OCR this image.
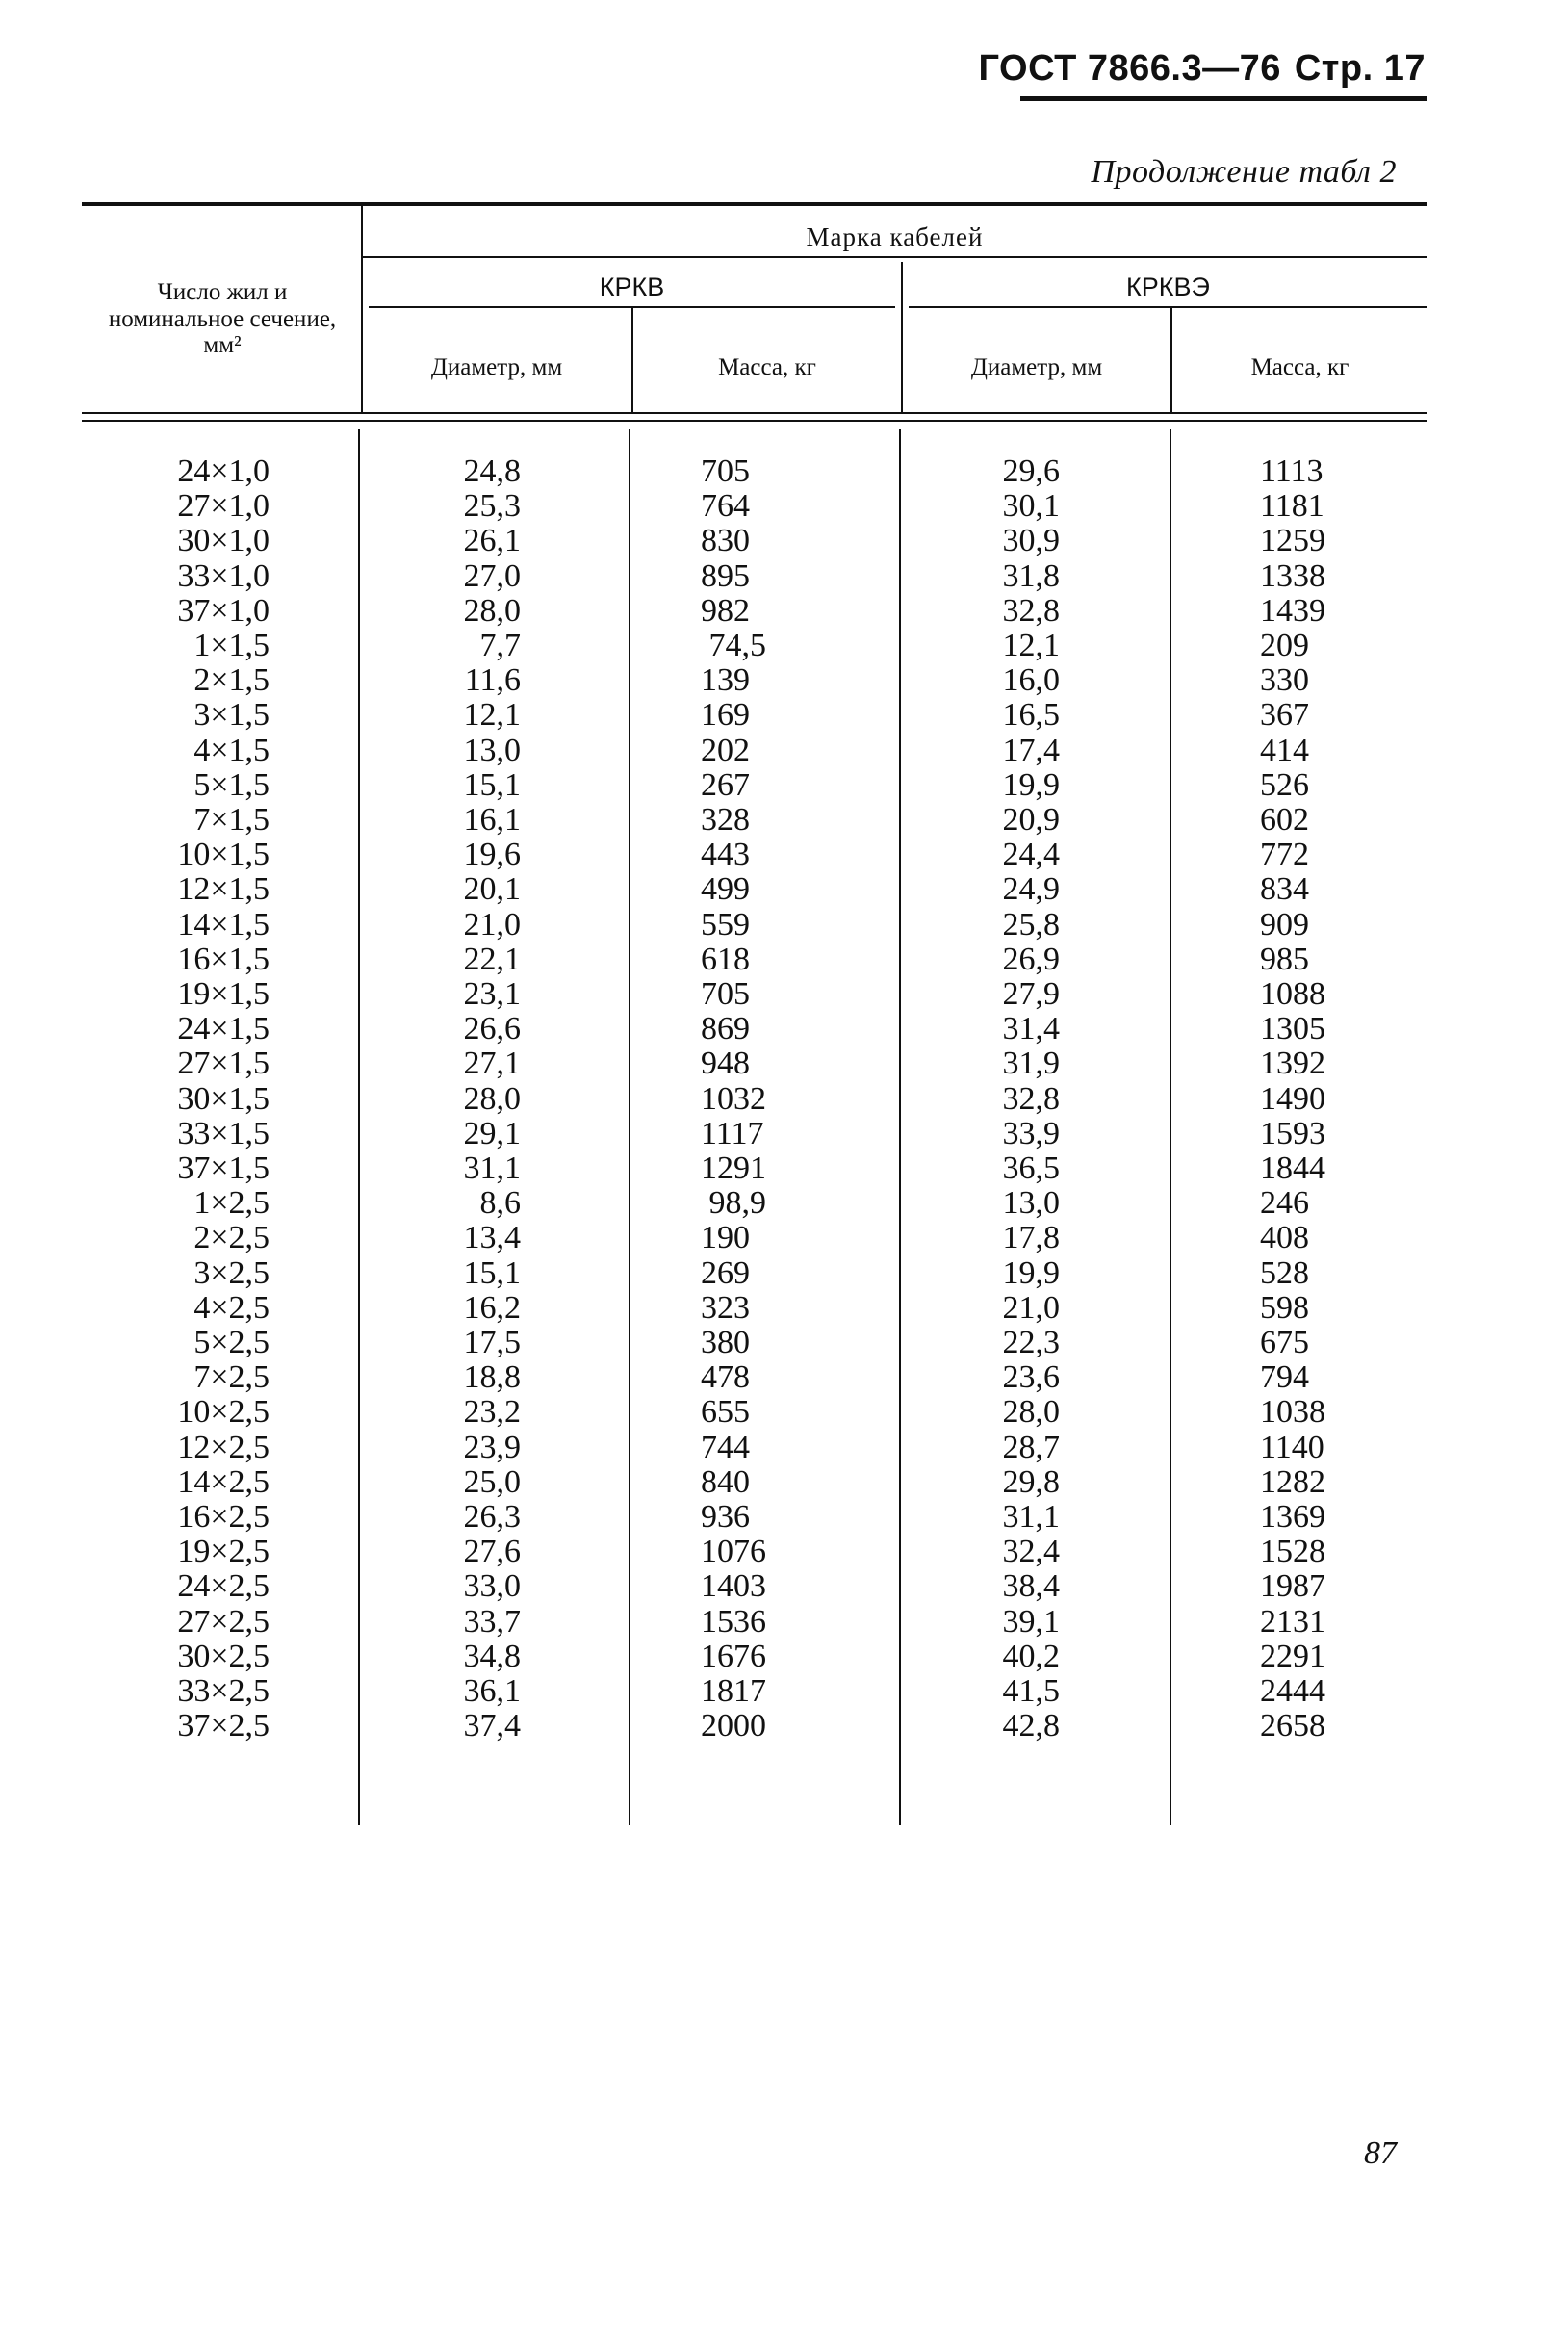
ГОСТ 7866.3—76 Стр. 17
Продолжение табл 2
Число жил и номинальное сечение, мм²
Марка кабелей
КРКВ	КРКВЭ
Диаметр, мм	Масса, кг	Диаметр, мм	Масса, кг
24×1,0	24,8	705	29,6	1113
27×1,0	25,3	764	30,1	1181
30×1,0	26,1	830	30,9	1259
33×1,0	27,0	895	31,8	1338
37×1,0	28,0	982	32,8	1439
1×1,5	7,7	74,5	12,1	209
2×1,5	11,6	139	16,0	330
3×1,5	12,1	169	16,5	367
4×1,5	13,0	202	17,4	414
5×1,5	15,1	267	19,9	526
7×1,5	16,1	328	20,9	602
10×1,5	19,6	443	24,4	772
12×1,5	20,1	499	24,9	834
14×1,5	21,0	559	25,8	909
16×1,5	22,1	618	26,9	985
19×1,5	23,1	705	27,9	1088
24×1,5	26,6	869	31,4	1305
27×1,5	27,1	948	31,9	1392
30×1,5	28,0	1032	32,8	1490
33×1,5	29,1	1117	33,9	1593
37×1,5	31,1	1291	36,5	1844
1×2,5	8,6	98,9	13,0	246
2×2,5	13,4	190	17,8	408
3×2,5	15,1	269	19,9	528
4×2,5	16,2	323	21,0	598
5×2,5	17,5	380	22,3	675
7×2,5	18,8	478	23,6	794
10×2,5	23,2	655	28,0	1038
12×2,5	23,9	744	28,7	1140
14×2,5	25,0	840	29,8	1282
16×2,5	26,3	936	31,1	1369
19×2,5	27,6	1076	32,4	1528
24×2,5	33,0	1403	38,4	1987
27×2,5	33,7	1536	39,1	2131
30×2,5	34,8	1676	40,2	2291
33×2,5	36,1	1817	41,5	2444
37×2,5	37,4	2000	42,8	2658
87
